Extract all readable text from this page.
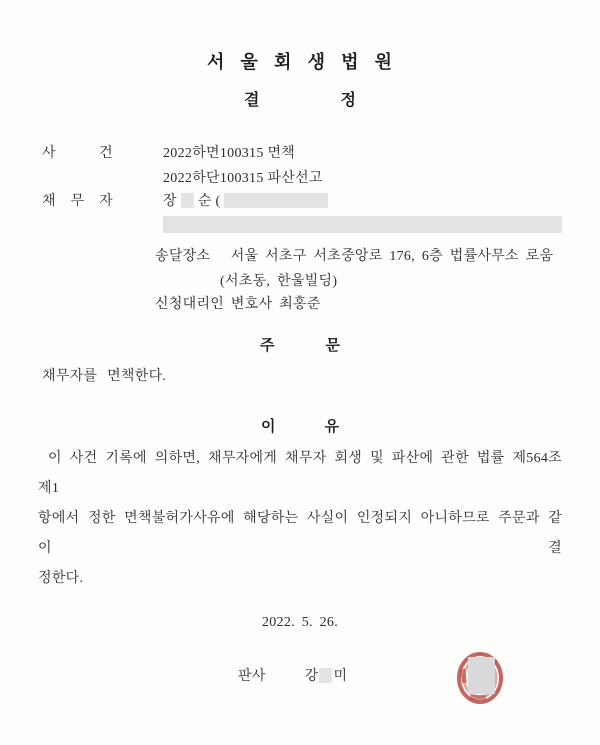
서 울 회 생 법 원
결 정
사 건	2022하면100315 면책
2022하단100315 파산선고
채 무 자	장 순 (
송달장소   서울 서초구 서초중앙로 176, 6층 법률사무소 로움
(서초동, 한울빌딩)
신청대리인 변호사 최홍준
주 문
채무자를 면책한다.
이 유
이 사건 기록에 의하면, 채무자에게 채무자 회생 및 파산에 관한 법률 제564조 제1
항에서 정한 면책불허가사유에 해당하는 사실이 인정되지 아니하므로 주문과 같이 결
정한다.
2022. 5. 26.
판사	강 미
